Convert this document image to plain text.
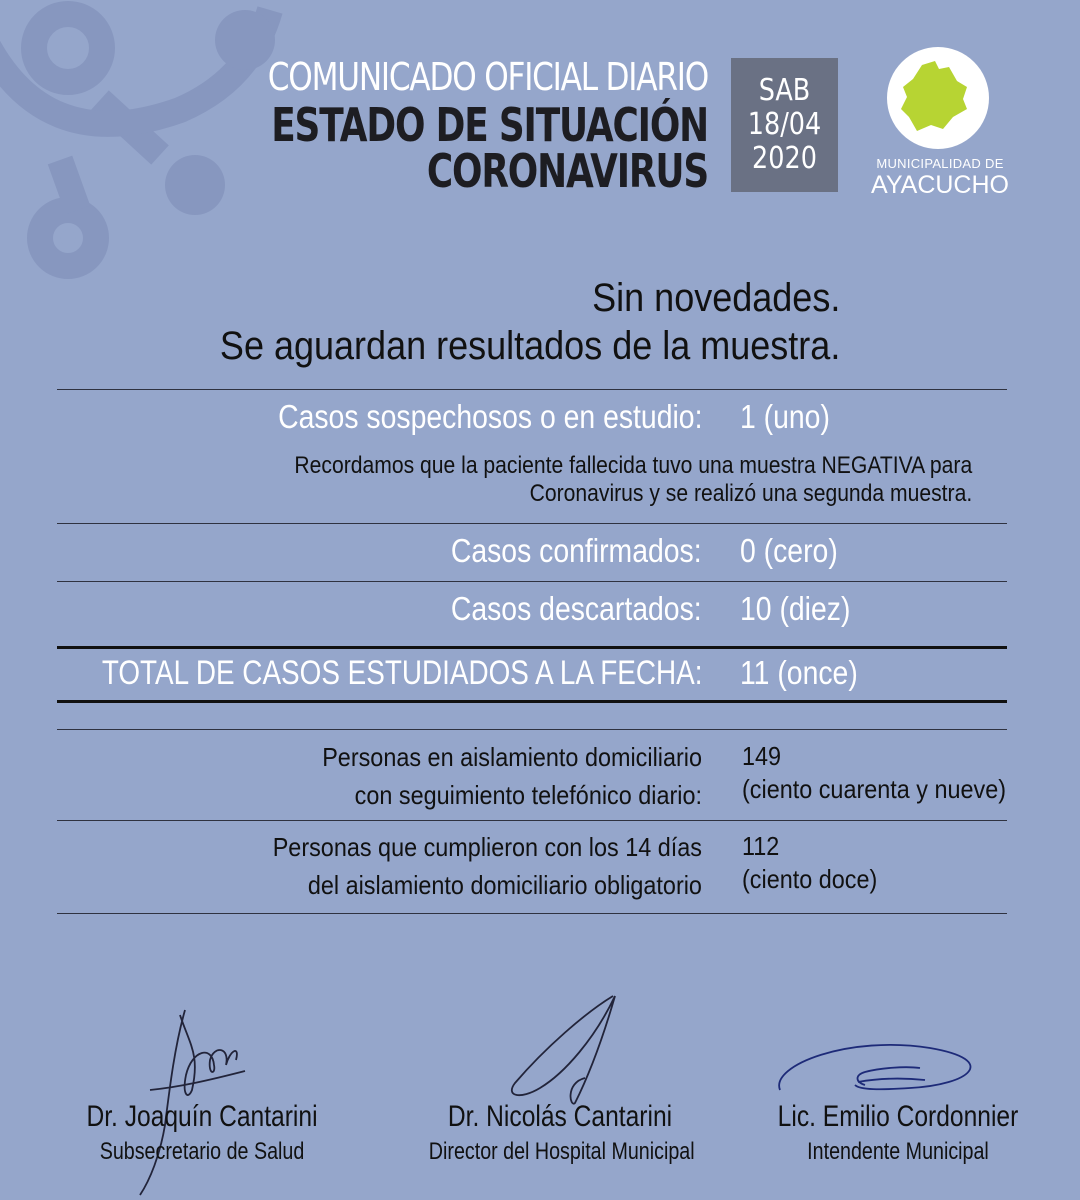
COMUNICADO OFICIAL DIARIO
ESTADO DE SITUACIÓN
CORONAVIRUS
SAB
18/04
2020	MUNICIPALIDAD DE
AYACUCHO
Sin novedades.
Se aguardan resultados de la muestra.
Casos sospechosos o en estudio: 1 (uno)
Recordamos que la paciente fallecida tuvo una muestra NEGATIVA para
Coronavirus y se realizó una segunda muestra.
Casos confirmados: 0 (cero)
Casos descartados: 10 (diez)
TOTAL DE CASOS ESTUDIADOS A LA FECHA: 11 (once)
Personas en aislamiento domiciliario
con seguimiento telefónico diario:
149
(ciento cuarenta y nueve)
Personas que cumplieron con los 14 días
del aislamiento domiciliario obligatorio
112
(ciento doce)
Dr. Joaquín Cantarini
Subsecretario de Salud
Dr. Nicolás Cantarini
Director del Hospital Municipal
Lic. Emilio Cordonnier
Intendente Municipal
